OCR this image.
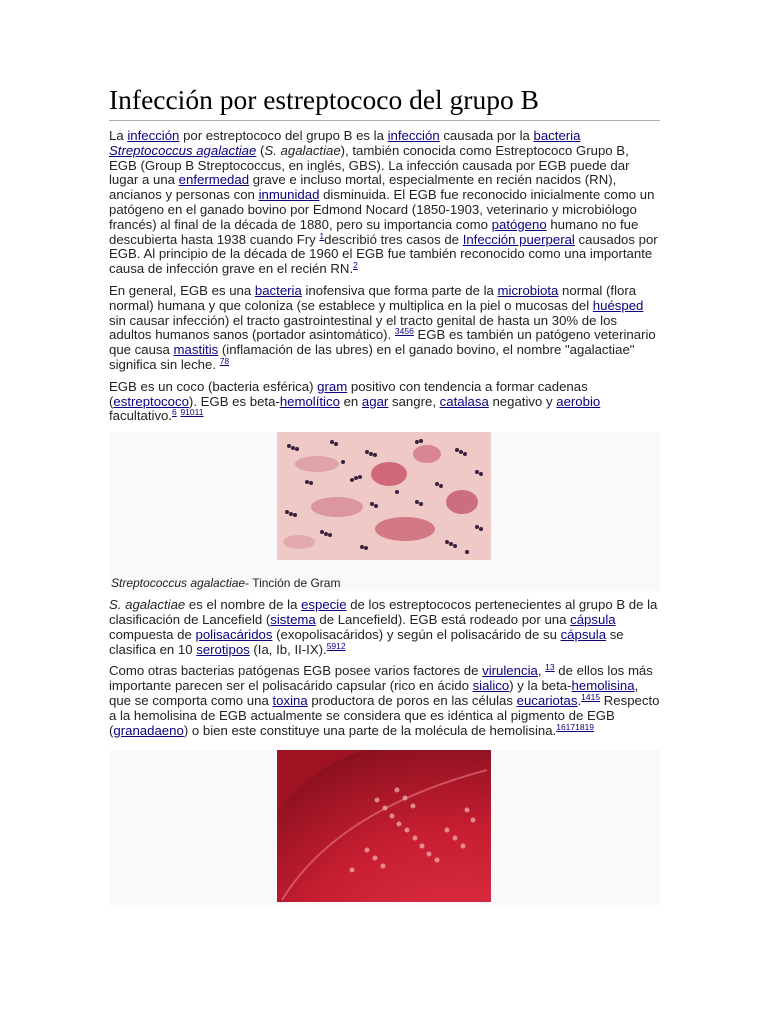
Infección por estreptococo del grupo B

La infección por estreptococo del grupo B es la infección causada por la bacteria Streptococcus agalactiae (S. agalactiae), también conocida como Estreptococo Grupo B, EGB (Group B Streptococcus, en inglés, GBS). La infección causada por EGB puede dar lugar a una enfermedad grave e incluso mortal, especialmente en recién nacidos (RN), ancianos y personas con inmunidad disminuida. El EGB fue reconocido inicialmente como un patógeno en el ganado bovino por Edmond Nocard (1850-1903, veterinario y microbiólogo francés) al final de la década de 1880, pero su importancia como patógeno humano no fue descubierta hasta 1938 cuando Fry $^1$describió tres casos de Infección puerperal causados por EGB. Al principio de la década de 1960 el EGB fue también reconocido como una importante causa de infección grave en el recién RN.$^2$

En general, EGB es una bacteria inofensiva que forma parte de la microbiota normal (flora normal) humana y que coloniza (se establece y multiplica en la piel o mucosas del huésped sin causar infección) el tracto gastrointestinal y el tracto genital de hasta un 30% de los adultos humanos sanos (portador asintomático). $^{3456}$ EGB es también un patógeno veterinario que causa mastitis (inflamación de las ubres) en el ganado bovino, el nombre "agalactiae" significa sin leche. $^{78}$

EGB es un coco (bacteria esférica) gram positivo con tendencia a formar cadenas (estreptococo). EGB es beta-hemolítico en agar sangre, catalasa negativo y aerobio facultativo.$^6$ $^{91011}$

Streptococcus agalactiae- Tinción de Gram

S. agalactiae es el nombre de la especie de los estreptococos pertenecientes al grupo B de la clasificación de Lancefield (sistema de Lancefield). EGB está rodeado por una cápsula compuesta de polisacáridos (exopolisacáridos) y según el polisacárido de su cápsula se clasifica en 10 serotipos (Ia, Ib, II-IX).$^{5912}$

Como otras bacterias patógenas EGB posee varios factores de virulencia, $^{13}$ de ellos los más importante parecen ser el polisacárido capsular (rico en ácido sialico) y la beta-hemolisina, que se comporta como una toxina productora de poros en las células eucariotas.$^{1415}$ Respecto a la hemolisina de EGB actualmente se considera que es idéntica al pigmento de EGB (granadaeno) o bien este constituye una parte de la molécula de hemolisina.$^{16171819}$
